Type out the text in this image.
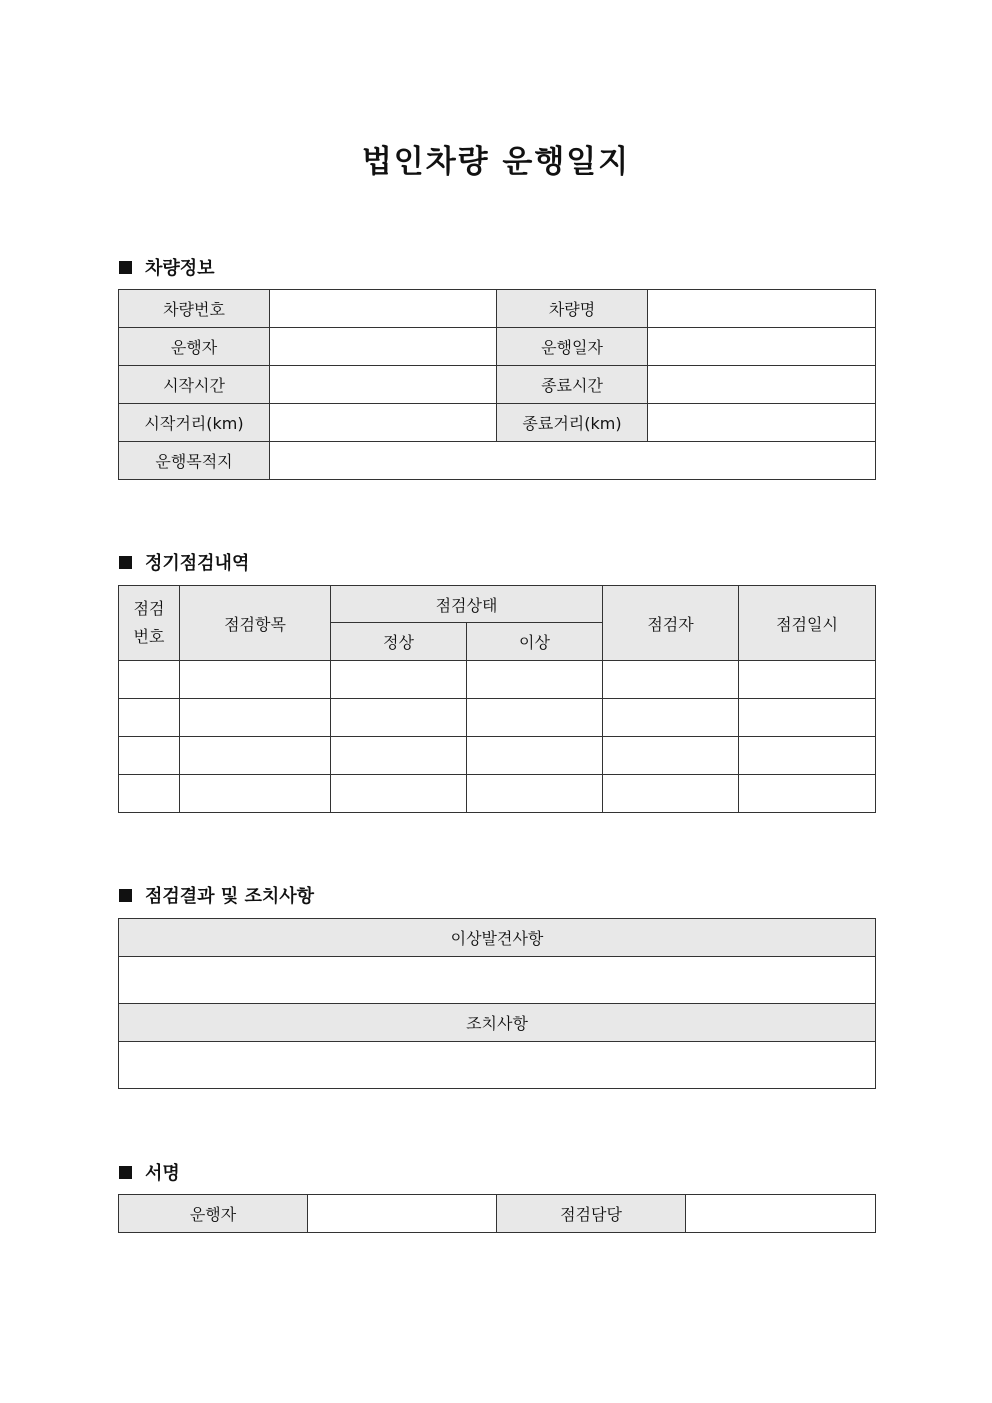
법인차량 운행일지
차량정보
차량번호		차량명	
운행자		운행일자	
시작시간		종료시간	
시작거리(km)		종료거리(km)	
운행목적지			
정기점검내역
점검
번호	점검항목	점검상태		점검자	점검일시
		정상	이상		

점검결과 및 조치사항
이상발견사항

조치사항

서명
운행자		점검담당	
